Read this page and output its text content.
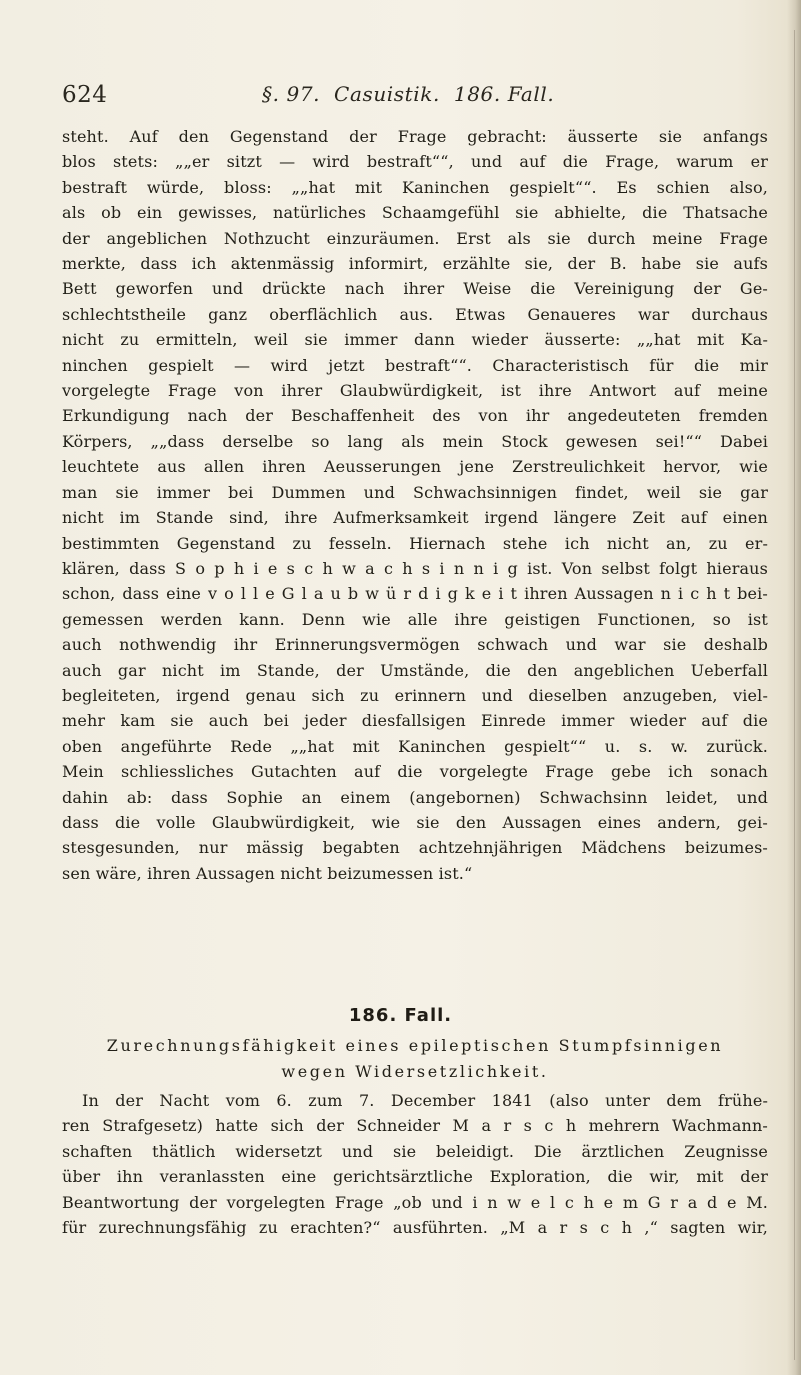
624	§. 97.  Casuistik.  186. Fall.
steht. Auf den Gegenstand der Frage gebracht: äusserte sie anfangs
blos stets: „„er sitzt — wird bestraft““, und auf die Frage, warum er
bestraft würde, bloss: „„hat mit Kaninchen gespielt““. Es schien also,
als ob ein gewisses, natürliches Schaamgefühl sie abhielte, die Thatsache
der angeblichen Nothzucht einzuräumen. Erst als sie durch meine Frage
merkte, dass ich aktenmässig informirt, erzählte sie, der B. habe sie aufs
Bett geworfen und drückte nach ihrer Weise die Vereinigung der Ge-
schlechtstheile ganz oberflächlich aus. Etwas Genaueres war durchaus
nicht zu ermitteln, weil sie immer dann wieder äusserte: „„hat mit Ka-
ninchen gespielt — wird jetzt bestraft““. Characteristisch für die mir
vorgelegte Frage von ihrer Glaubwürdigkeit, ist ihre Antwort auf meine
Erkundigung nach der Beschaffenheit des von ihr angedeuteten fremden
Körpers, „„dass derselbe so lang als mein Stock gewesen sei!““ Dabei
leuchtete aus allen ihren Aeusserungen jene Zerstreulichkeit hervor, wie
man sie immer bei Dummen und Schwachsinnigen findet, weil sie gar
nicht im Stande sind, ihre Aufmerksamkeit irgend längere Zeit auf einen
bestimmten Gegenstand zu fesseln. Hiernach stehe ich nicht an, zu er-
klären, dass S o p h i e s c h w a c h s i n n i g ist. Von selbst folgt hieraus
schon, dass eine v o l l e G l a u b w ü r d i g k e i t ihren Aussagen n i c h t bei-
gemessen werden kann. Denn wie alle ihre geistigen Functionen, so ist
auch nothwendig ihr Erinnerungsvermögen schwach und war sie deshalb
auch gar nicht im Stande, der Umstände, die den angeblichen Ueberfall
begleiteten, irgend genau sich zu erinnern und dieselben anzugeben, viel-
mehr kam sie auch bei jeder diesfallsigen Einrede immer wieder auf die
oben angeführte Rede „„hat mit Kaninchen gespielt““ u. s. w. zurück.
Mein schliessliches Gutachten auf die vorgelegte Frage gebe ich sonach
dahin ab: dass Sophie an einem (angebornen) Schwachsinn leidet, und
dass die volle Glaubwürdigkeit, wie sie den Aussagen eines andern, gei-
stesgesunden, nur mässig begabten achtzehnjährigen Mädchens beizumes-
sen wäre, ihren Aussagen nicht beizumessen ist.“
186. Fall.
Zurechnungsfähigkeit eines epileptischen Stumpfsinnigen
wegen Widersetzlichkeit.
In der Nacht vom 6. zum 7. December 1841 (also unter dem frühe-
ren Strafgesetz) hatte sich der Schneider M a r s c h mehrern Wachmann-
schaften thätlich widersetzt und sie beleidigt. Die ärztlichen Zeugnisse
über ihn veranlassten eine gerichtsärztliche Exploration, die wir, mit der
Beantwortung der vorgelegten Frage „ob und i n w e l c h e m G r a d e M.
für zurechnungsfähig zu erachten?“ ausführten. „M a r s c h ,“ sagten wir,
